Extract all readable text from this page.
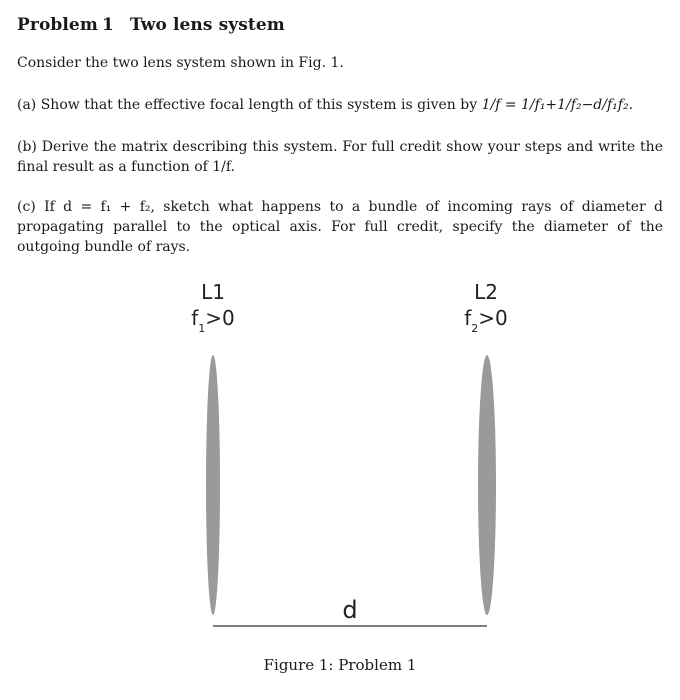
Problem 1 Two lens system
Consider the two lens system shown in Fig. 1.
(a) Show that the effective focal length of this system is given by 1/f = 1/f₁+1/f₂−d/f₁f₂.
(b) Derive the matrix describing this system. For full credit show your steps and write the final result as a function of 1/f.
(c) If d = f₁ + f₂, sketch what happens to a bundle of incoming rays of diameter d propagating parallel to the optical axis. For full credit, specify the diameter of the outgoing bundle of rays.
L1
$f_1>0$
L2
$f_2>0$
d
Figure 1: Problem 1
